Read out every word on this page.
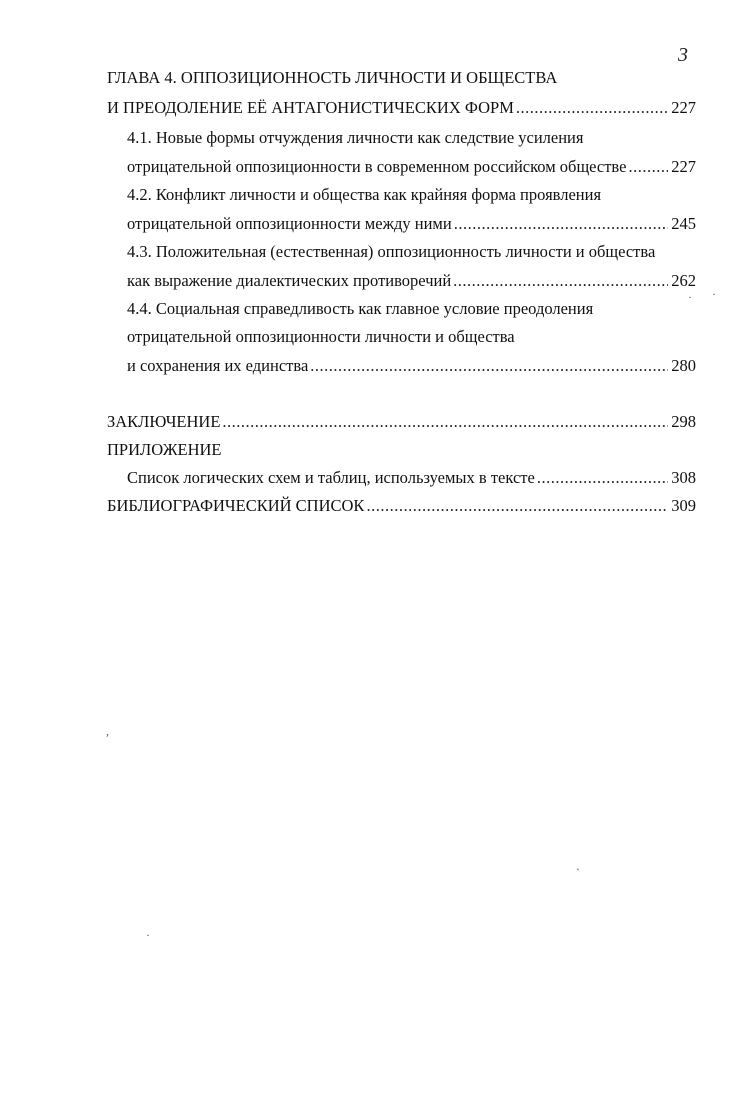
3
ГЛАВА 4. ОППОЗИЦИОННОСТЬ ЛИЧНОСТИ И ОБЩЕСТВА
И ПРЕОДОЛЕНИЕ ЕЁ АНТАГОНИСТИЧЕСКИХ ФОРМ .....	227
4.1. Новые формы отчуждения личности как следствие усиления
отрицательной оппозиционности в современном российском обществе .....	227
4.2. Конфликт личности и общества как крайняя форма проявления
отрицательной оппозиционности между ними .....	245
4.3. Положительная (естественная) оппозиционность личности и общества
как выражение диалектических противоречий .....	262
4.4. Социальная справедливость как главное условие преодоления
отрицательной оппозиционности личности и общества
и сохранения их единства .....	280
ЗАКЛЮЧЕНИЕ .....	298
ПРИЛОЖЕНИЕ
Список логических схем и таблиц, используемых в тексте .....	308
БИБЛИОГРАФИЧЕСКИЙ СПИСОК .....	309
· ·
,
`
·
